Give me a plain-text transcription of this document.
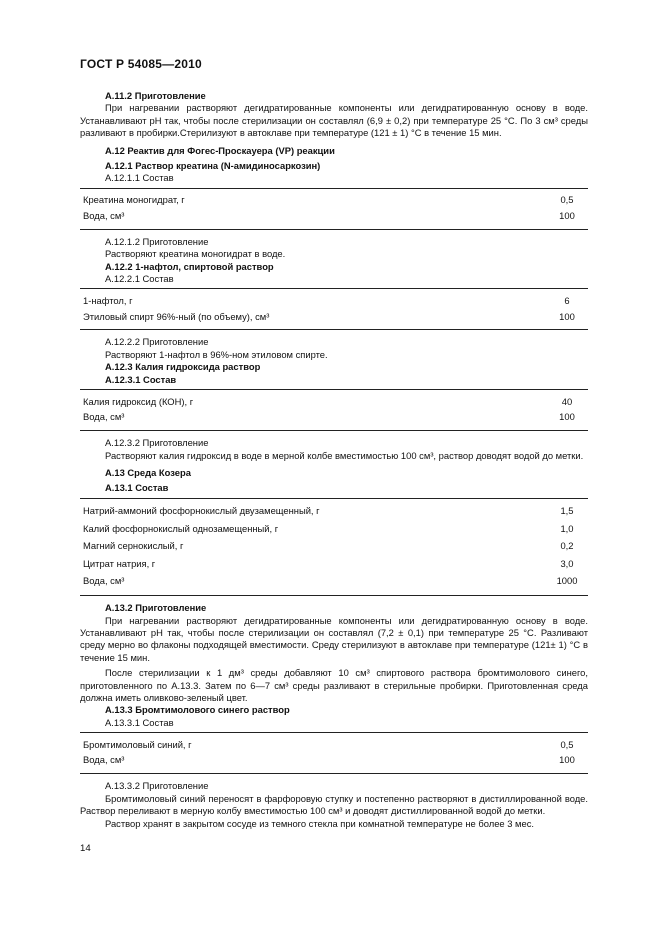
ГОСТ Р 54085—2010
А.11.2 Приготовление
При нагревании растворяют дегидратированные компоненты или дегидратированную основу в воде. Устанавливают pH так, чтобы после стерилизации он составлял (6,9 ± 0,2) при температуре 25 °С. По 3 см³ среды разливают в пробирки.Стерилизуют в автоклаве при температуре (121 ± 1) °С в течение 15 мин.
А.12 Реактив для Фогес-Проскауера (VP) реакции
А.12.1 Раствор креатина (N-амидиносаркозин)
А.12.1.1 Состав
Креатина моногидрат, г	0,5
Вода, см³	100
А.12.1.2 Приготовление
Растворяют креатина моногидрат в воде.
А.12.2 1-нафтол, спиртовой раствор
А.12.2.1 Состав
1-нафтол, г	6
Этиловый спирт 96%-ный (по объему), см³	100
А.12.2.2 Приготовление
Растворяют 1-нафтол в 96%-ном этиловом спирте.
А.12.3 Калия гидроксида раствор
А.12.3.1 Состав
Калия гидроксид (КОН), г	40
Вода, см³	100
А.12.3.2 Приготовление
Растворяют калия гидроксид в воде в мерной колбе вместимостью 100 см³, раствор доводят водой до метки.
А.13 Среда Козера
А.13.1 Состав
Натрий-аммоний фосфорнокислый двузамещенный, г	1,5
Калий фосфорнокислый однозамещенный, г	1,0
Магний сернокислый, г	0,2
Цитрат натрия, г	3,0
Вода, см³	1000
А.13.2 Приготовление
При нагревании растворяют дегидратированные компоненты или дегидратированную основу в воде. Устанавливают pH так, чтобы после стерилизации он составлял (7,2 ± 0,1) при температуре 25 °С. Разливают среду мерно во флаконы подходящей вместимости. Среду стерилизуют в автоклаве при температуре (121± 1) °С в течение 15 мин.
После стерилизации к 1 дм³ среды добавляют 10 см³ спиртового раствора бромтимолового синего, приготовленного по А.13.3. Затем по 6—7 см³ среды разливают в стерильные пробирки. Приготовленная среда должна иметь оливково-зеленый цвет.
А.13.3 Бромтимолового синего раствор
А.13.3.1 Состав
Бромтимоловый синий, г	0,5
Вода, см³	100
А.13.3.2 Приготовление
Бромтимоловый синий переносят в фарфоровую ступку и постепенно растворяют в дистиллированной воде. Раствор переливают в мерную колбу вместимостью 100 см³ и доводят дистиллированной водой до метки.
Раствор хранят в закрытом сосуде из темного стекла при комнатной температуре не более 3 мес.
14
